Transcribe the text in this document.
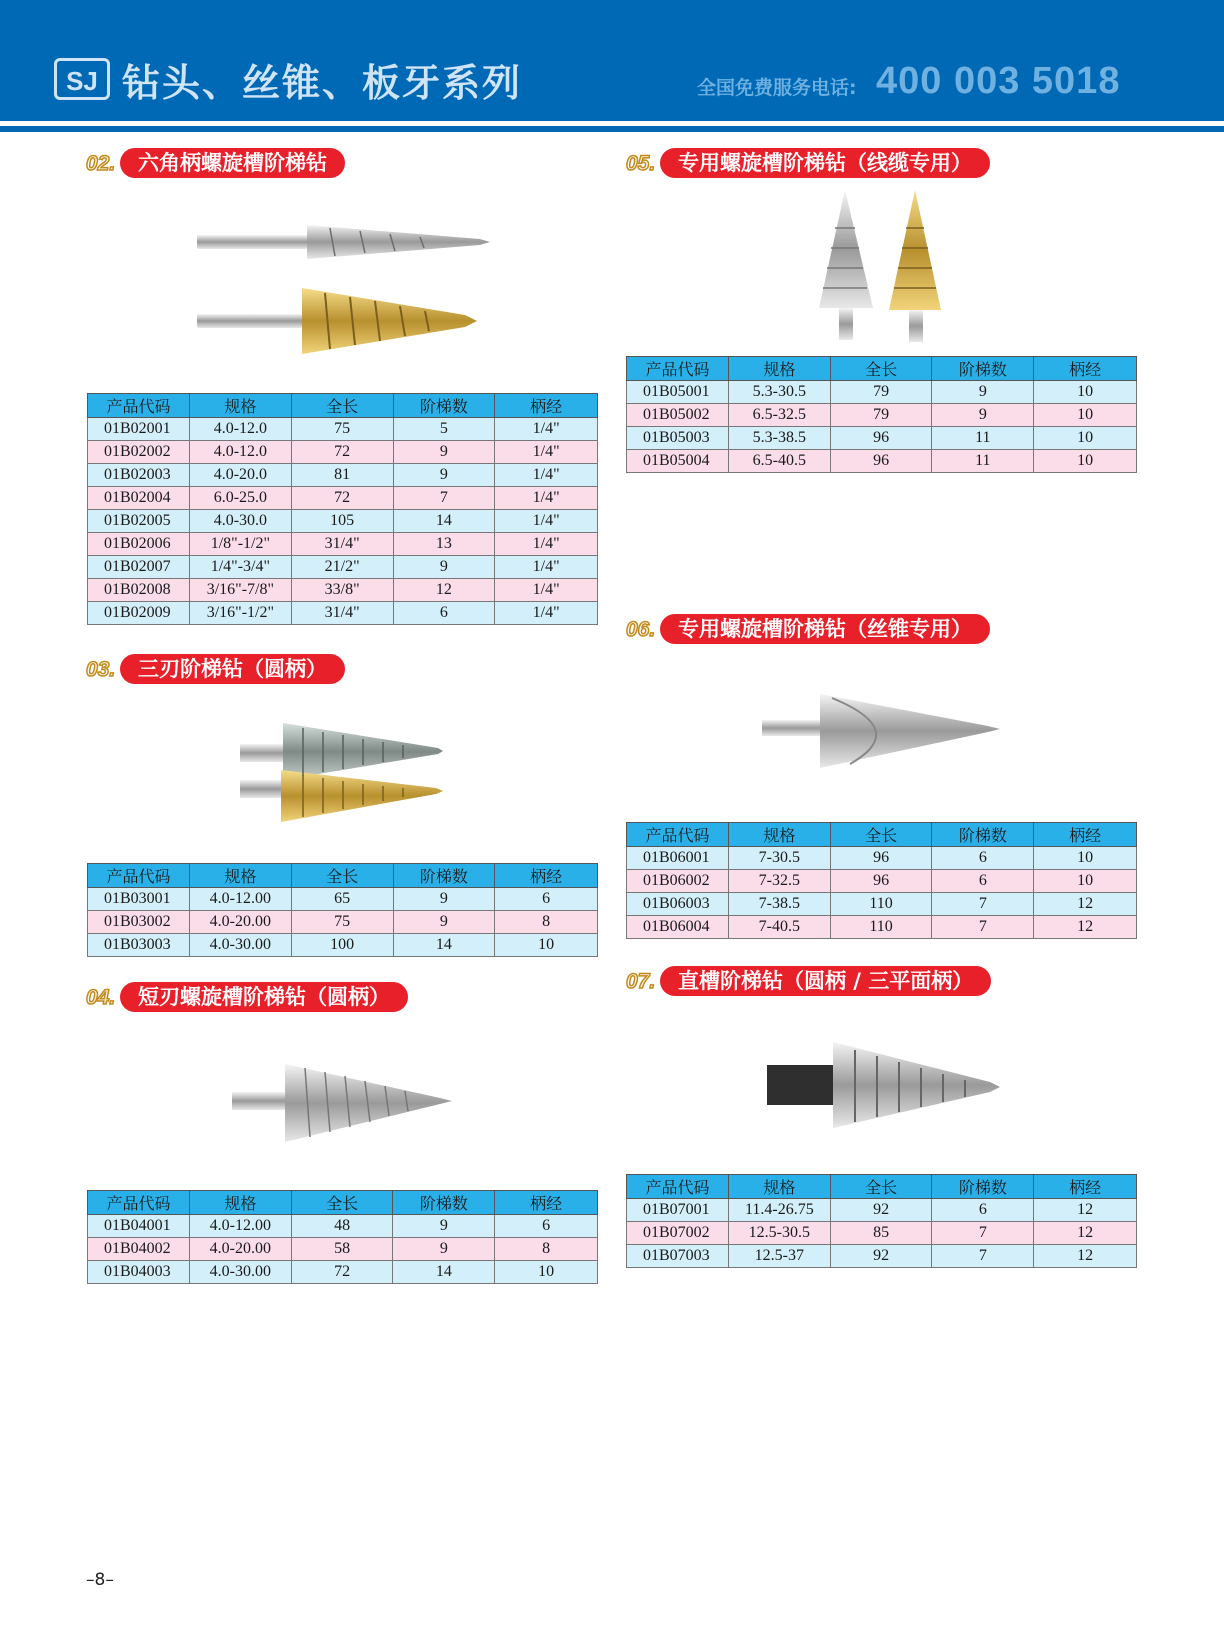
SJ 钻头、丝锥、板牙系列	全国免费服务电话: 400 003 5018
02.	六角柄螺旋槽阶梯钻
产品代码	规格	全长	阶梯数	柄经
01B02001	4.0-12.0	75	5	1/4"
01B02002	4.0-12.0	72	9	1/4"
01B02003	4.0-20.0	81	9	1/4"
01B02004	6.0-25.0	72	7	1/4"
01B02005	4.0-30.0	105	14	1/4"
01B02006	1/8"-1/2"	31/4"	13	1/4"
01B02007	1/4"-3/4"	21/2"	9	1/4"
01B02008	3/16"-7/8"	33/8"	12	1/4"
01B02009	3/16"-1/2"	31/4"	6	1/4"
03.	三刃阶梯钻（圆柄）
产品代码	规格	全长	阶梯数	柄经
01B03001	4.0-12.00	65	9	6
01B03002	4.0-20.00	75	9	8
01B03003	4.0-30.00	100	14	10
04.	短刃螺旋槽阶梯钻（圆柄）
产品代码	规格	全长	阶梯数	柄经
01B04001	4.0-12.00	48	9	6
01B04002	4.0-20.00	58	9	8
01B04003	4.0-30.00	72	14	10
05.	专用螺旋槽阶梯钻（线缆专用）
产品代码	规格	全长	阶梯数	柄经
01B05001	5.3-30.5	79	9	10
01B05002	6.5-32.5	79	9	10
01B05003	5.3-38.5	96	11	10
01B05004	6.5-40.5	96	11	10
06.	专用螺旋槽阶梯钻（丝锥专用）
产品代码	规格	全长	阶梯数	柄经
01B06001	7-30.5	96	6	10
01B06002	7-32.5	96	6	10
01B06003	7-38.5	110	7	12
01B06004	7-40.5	110	7	12
07.	直槽阶梯钻（圆柄 / 三平面柄）
产品代码	规格	全长	阶梯数	柄经
01B07001	11.4-26.75	92	6	12
01B07002	12.5-30.5	85	7	12
01B07003	12.5-37	92	7	12
–8–
